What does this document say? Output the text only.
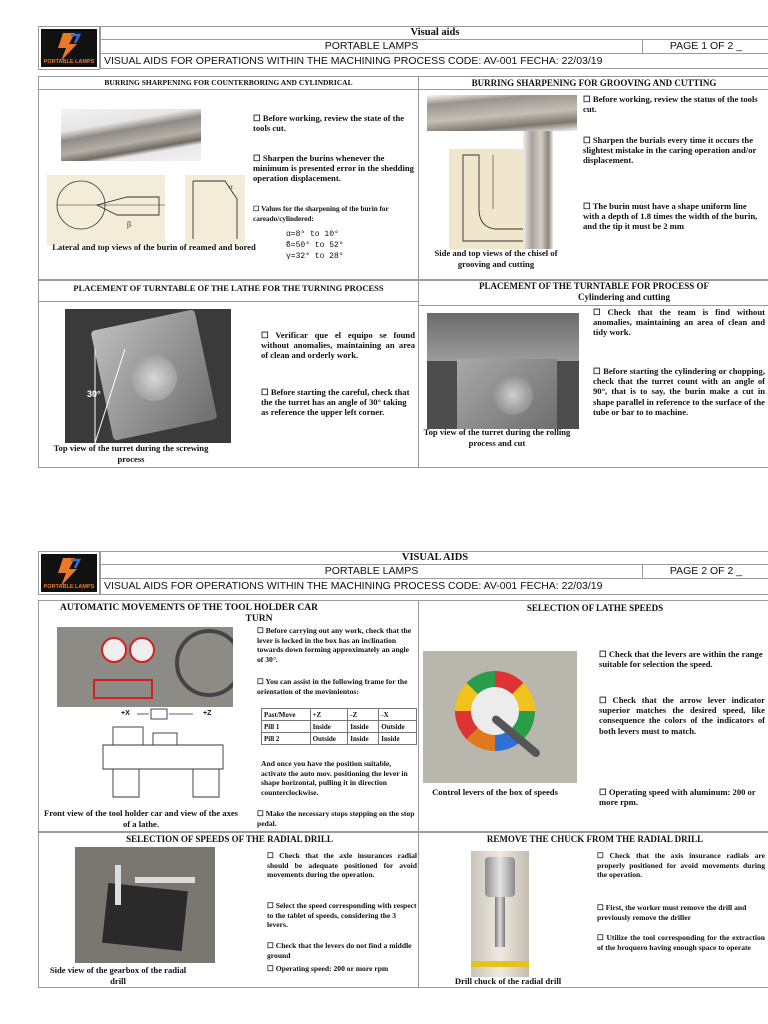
PORTABLE LAMPS
Visual aids
PORTABLE LAMPS	PAGE 1 OF 2 _
VISUAL AIDS FOR OPERATIONS WITHIN THE MACHINING PROCESS CODE: AV-001 FECHA: 22/03/19
BURRING SHARPENING FOR COUNTERBORING AND CYLINDRICAL
β
α
Lateral and top views of the burin of reamed and bored
☐ Before working, review the state of the tools cut.
☐ Sharpen the burins whenever the minimum is presented error in the shedding operation displacement.
☐ Values for the sharpening of the burin for careado/cylindered:
α=8° to 10°
ϐ=50° to 52°
γ=32° to 28°
BURRING SHARPENING FOR GROOVING AND CUTTING
Side and top views of the chisel of grooving and cutting
☐ Before working, review the status of the tools cut.
☐ Sharpen the burials every time it occurs the slightest mistake in the caring operation and/or displacement.
☐ The burin must have a shape uniform line with a depth of 1.8 times the width of the burin, and the tip it must be 2 mm
PLACEMENT OF TURNTABLE OF THE LATHE FOR THE TURNING PROCESS
30°
Top view of the turret during the screwing process
☐ Verificar que el equipo se found without anomalies, maintaining an area of clean and orderly work.
☐ Before starting the careful, check that the the turret has an angle of 30° taking as reference the upper left corner.
PLACEMENT OF THE TURNTABLE FOR PROCESS OF
Cylindering and cutting
Top view of the turret during the rolling process and cut
☐ Check that the team is find without anomalies, maintaining an area of clean and tidy work.
☐ Before starting the cylindering or chopping, check that the turret count with an angle of 90°, that is to say, the burin make a cut in shape parallel in reference to the surface of the tube or bar to to machine.
PORTABLE LAMPS
VISUAL AIDS
PORTABLE LAMPS	PAGE 2 OF 2 _
VISUAL AIDS FOR OPERATIONS WITHIN THE MACHINING PROCESS CODE: AV-001 FECHA: 22/03/19
AUTOMATIC MOVEMENTS OF THE TOOL HOLDER CAR
TURN
+X	+Z
Front view of the tool holder car and view of the axes of a lathe.
☐ Before carrying out any work, check that the lever is locked in the box has an inclination towards down forming approximately an angle of 30°.
☐ You can assist in the following frame for the orientation of the movimientos:
Past/Move	+Z	-Z	-X
Pill 1	Inside	Inside	Outside
Pill 2	Outside	Inside	Inside
And once you have the position suitable, activate the auto mov. positioning the lever in shape horizontal, pulling it in direction counterclockwise.
☐ Make the necessary stops stepping on the stop pedal.
SELECTION OF LATHE SPEEDS
Control levers of the box of speeds
☐ Check that the levers are within the range suitable for selection the speed.
☐ Check that the arrow lever indicator superior matches the desired speed, like consequence the colors of the indicators of both levers must to match.
☐ Operating speed with aluminum: 200 or more rpm.
SELECTION OF SPEEDS OF THE RADIAL DRILL
Side view of the gearbox of the radial drill
☐ Check that the axle insurances radial should be adequate positioned for avoid movements during the operation.
☐ Select the speed corresponding with respect to the tablet of speeds, considering the 3 levers.
☐ Check that the levers do not find a middle ground
☐ Operating speed: 200 or more rpm
REMOVE THE CHUCK FROM THE RADIAL DRILL
Drill chuck of the radial drill
☐ Check that the axis insurance radials are properly positioned for avoid movements during the operation.
☐ First, the worker must remove the drill and previously remove the driller
☐ Utilize the tool corresponding for the extraction of the broquero having enough space to operate
